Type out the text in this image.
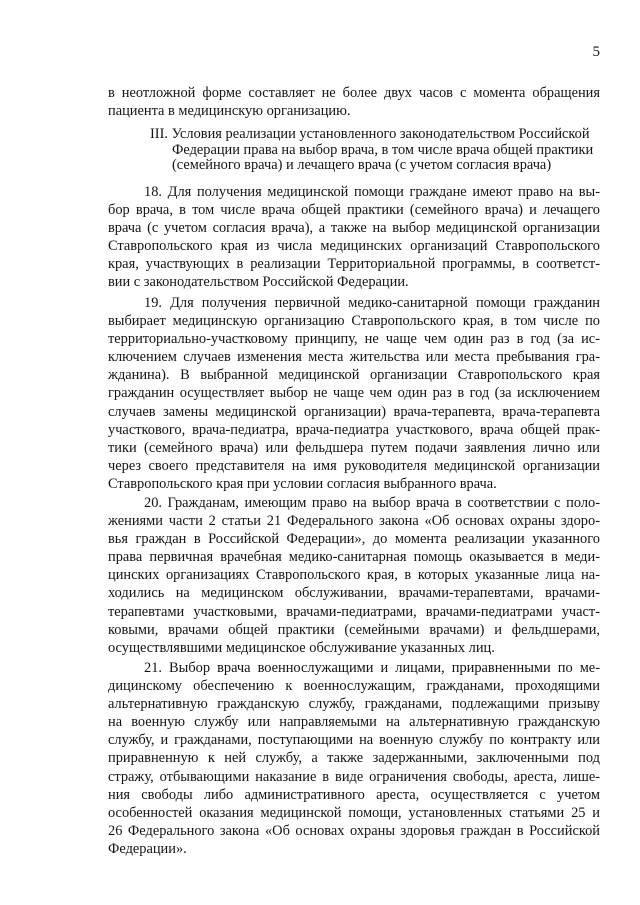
5
в неотложной форме составляет не более двух часов с момента обращения
пациента в медицинскую организацию.
III. Условия реализации установленного законодательством Российской
Федерации права на выбор врача, в том числе врача общей практики
(семейного врача) и лечащего врача (с учетом согласия врача)
18. Для получения медицинской помощи граждане имеют право на вы-
бор врача, в том числе врача общей практики (семейного врача) и лечащего
врача (с учетом согласия врача), а также на выбор медицинской организации
Ставропольского края из числа медицинских организаций Ставропольского
края, участвующих в реализации Территориальной программы, в соответст-
вии с законодательством Российской Федерации.
19. Для получения первичной медико-санитарной помощи гражданин
выбирает медицинскую организацию Ставропольского края, в том числе по
территориально-участковому принципу, не чаще чем один раз в год (за ис-
ключением случаев изменения места жительства или места пребывания гра-
жданина). В выбранной медицинской организации Ставропольского края
гражданин осуществляет выбор не чаще чем один раз в год (за исключением
случаев замены медицинской организации) врача-терапевта, врача-терапевта
участкового, врача-педиатра, врача-педиатра участкового, врача общей прак-
тики (семейного врача) или фельдшера путем подачи заявления лично или
через своего представителя на имя руководителя медицинской организации
Ставропольского края при условии согласия выбранного врача.
20. Гражданам, имеющим право на выбор врача в соответствии с поло-
жениями части 2 статьи 21 Федерального закона «Об основах охраны здоро-
вья граждан в Российской Федерации», до момента реализации указанного
права первичная врачебная медико-санитарная помощь оказывается в меди-
цинских организациях Ставропольского края, в которых указанные лица на-
ходились на медицинском обслуживании, врачами-терапевтами, врачами-
терапевтами участковыми, врачами-педиатрами, врачами-педиатрами участ-
ковыми, врачами общей практики (семейными врачами) и фельдшерами,
осуществлявшими медицинское обслуживание указанных лиц.
21. Выбор врача военнослужащими и лицами, приравненными по ме-
дицинскому обеспечению к военнослужащим, гражданами, проходящими
альтернативную гражданскую службу, гражданами, подлежащими призыву
на военную службу или направляемыми на альтернативную гражданскую
службу, и гражданами, поступающими на военную службу по контракту или
приравненную к ней службу, а также задержанными, заключенными под
стражу, отбывающими наказание в виде ограничения свободы, ареста, лише-
ния свободы либо административного ареста, осуществляется с учетом
особенностей оказания медицинской помощи, установленных статьями 25 и
26 Федерального закона «Об основах охраны здоровья граждан в Российской
Федерации».
